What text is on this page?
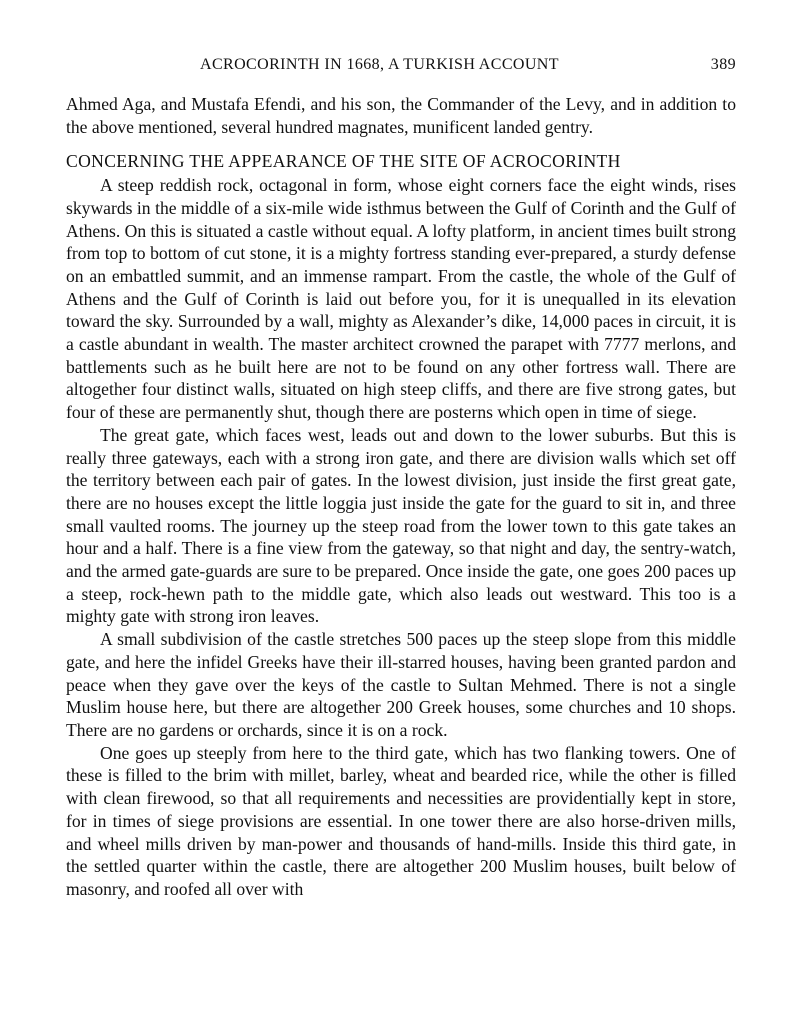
ACROCORINTH IN 1668, A TURKISH ACCOUNT	389

Ahmed Aga, and Mustafa Efendi, and his son, the Commander of the Levy, and in addition to the above mentioned, several hundred magnates, munificent landed gentry.

CONCERNING THE APPEARANCE OF THE SITE OF ACROCORINTH

A steep reddish rock, octagonal in form, whose eight corners face the eight winds, rises skywards in the middle of a six-mile wide isthmus between the Gulf of Corinth and the Gulf of Athens. On this is situated a castle without equal. A lofty platform, in ancient times built strong from top to bottom of cut stone, it is a mighty fortress standing ever-prepared, a sturdy defense on an embattled summit, and an immense rampart. From the castle, the whole of the Gulf of Athens and the Gulf of Corinth is laid out before you, for it is unequalled in its elevation toward the sky. Surrounded by a wall, mighty as Alexander’s dike, 14,000 paces in circuit, it is a castle abundant in wealth. The master architect crowned the parapet with 7777 merlons, and battlements such as he built here are not to be found on any other fortress wall. There are altogether four distinct walls, situated on high steep cliffs, and there are five strong gates, but four of these are permanently shut, though there are posterns which open in time of siege.

The great gate, which faces west, leads out and down to the lower suburbs. But this is really three gateways, each with a strong iron gate, and there are division walls which set off the territory between each pair of gates. In the lowest division, just inside the first great gate, there are no houses except the little loggia just inside the gate for the guard to sit in, and three small vaulted rooms. The journey up the steep road from the lower town to this gate takes an hour and a half. There is a fine view from the gateway, so that night and day, the sentry-watch, and the armed gate-guards are sure to be prepared. Once inside the gate, one goes 200 paces up a steep, rock-hewn path to the middle gate, which also leads out westward. This too is a mighty gate with strong iron leaves.

A small subdivision of the castle stretches 500 paces up the steep slope from this middle gate, and here the infidel Greeks have their ill-starred houses, having been granted pardon and peace when they gave over the keys of the castle to Sultan Mehmed. There is not a single Muslim house here, but there are altogether 200 Greek houses, some churches and 10 shops. There are no gardens or orchards, since it is on a rock.

One goes up steeply from here to the third gate, which has two flanking towers. One of these is filled to the brim with millet, barley, wheat and bearded rice, while the other is filled with clean firewood, so that all requirements and necessities are providentially kept in store, for in times of siege provisions are essential. In one tower there are also horse-driven mills, and wheel mills driven by man-power and thousands of hand-mills. Inside this third gate, in the settled quarter within the castle, there are altogether 200 Muslim houses, built below of masonry, and roofed all over with
